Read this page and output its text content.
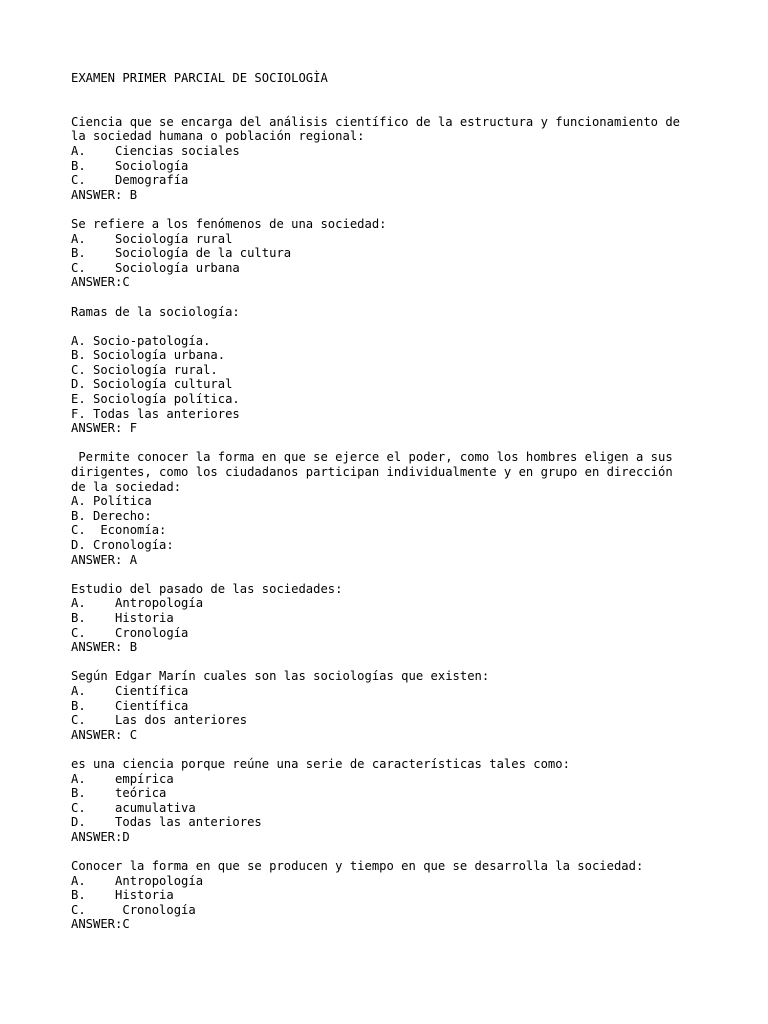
EXAMEN PRIMER PARCIAL DE SOCIOLOGÌA
Ciencia que se encarga del análisis científico de la estructura y funcionamiento de
la sociedad humana o población regional:
A.    Ciencias sociales
B.    Sociología
C.    Demografía
ANSWER: B
Se refiere a los fenómenos de una sociedad:
A.    Sociología rural
B.    Sociología de la cultura
C.    Sociología urbana
ANSWER:C
Ramas de la sociología:
A. Socio-patología.
B. Sociología urbana.
C. Sociología rural.
D. Sociología cultural
E. Sociología política.
F. Todas las anteriores
ANSWER: F
Permite conocer la forma en que se ejerce el poder, como los hombres eligen a sus
dirigentes, como los ciudadanos participan individualmente y en grupo en dirección
de la sociedad:
A. Política
B. Derecho:
C.  Economía:
D. Cronología:
ANSWER: A
Estudio del pasado de las sociedades:
A.    Antropología
B.    Historia
C.    Cronología
ANSWER: B
Según Edgar Marín cuales son las sociologías que existen:
A.    Científica
B.    Científica
C.    Las dos anteriores
ANSWER: C
es una ciencia porque reúne una serie de características tales como:
A.    empírica
B.    teórica
C.    acumulativa
D.    Todas las anteriores
ANSWER:D
Conocer la forma en que se producen y tiempo en que se desarrolla la sociedad:
A.    Antropología
B.    Historia
C.     Cronología
ANSWER:C
